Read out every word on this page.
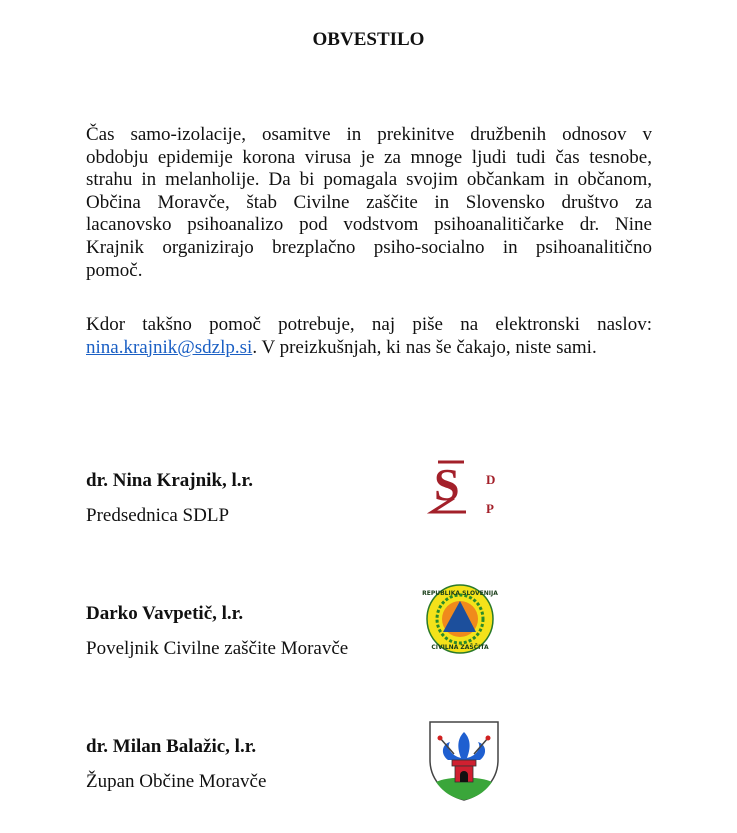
OBVESTILO
Čas samo-izolacije, osamitve in prekinitve družbenih odnosov v
obdobju epidemije korona virusa je za mnoge ljudi tudi čas tesnobe,
strahu in melanholije. Da bi pomagala svojim občankam in občanom,
Občina Moravče, štab Civilne zaščite in Slovensko društvo za
lacanovsko psihoanalizo pod vodstvom psihoanalitičarke dr. Nine
Krajnik organizirajo brezplačno psiho-socialno in psihoanalitično
pomoč.
Kdor takšno pomoč potrebuje, naj piše na elektronski naslov:
nina.krajnik@sdzlp.si. V preizkušnjah, ki nas še čakajo, niste sami.
dr. Nina Krajnik, l.r.
Predsednica SDLP
Darko Vavpetič, l.r.
Poveljnik Civilne zaščite Moravče
dr. Milan Balažic, l.r.
Župan Občine Moravče
S D
P
REPUBLIKA SLOVENIJA
CIVILNA ZAŠČITA
